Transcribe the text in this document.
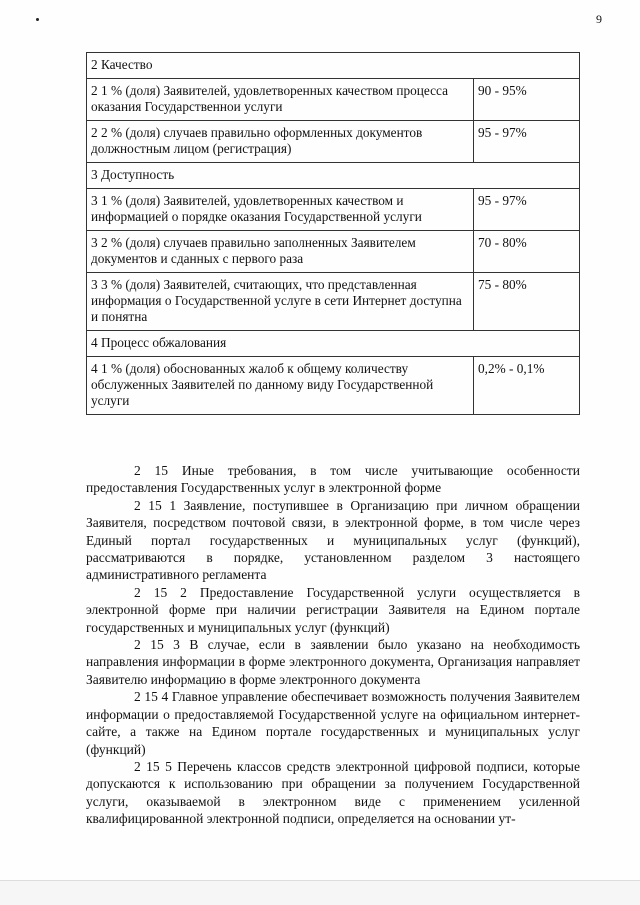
9
2 Качество	
2 1 % (доля) Заявителей, удовлетворенных качеством процесса оказания Государственнои услуги	90 - 95%
2 2 % (доля) случаев правильно оформленных документов должностным лицом (регистрация)	95 - 97%
3 Доступность	
3 1 % (доля) Заявителей, удовлетворенных качеством и информацией о порядке оказания Государственной услуги	95 - 97%
3 2 % (доля) случаев правильно заполненных Заявителем документов и сданных с первого раза	70 - 80%
3 3 % (доля) Заявителей, считающих, что представленная информация о Государственной услуге в сети Интернет доступна и понятна	75 - 80%
4 Процесс обжалования	
4 1 % (доля) обоснованных жалоб к общему количеству обслуженных Заявителей по данному виду Государственной услуги	0,2% - 0,1%

2 15 Иные требования, в том числе учитывающие особенности предоставления Государственных услуг в электронной форме

2 15 1 Заявление, поступившее в Организацию при личном обращении Заявителя, посредством почтовой связи, в электронной форме, в том числе через Единый портал государственных и муниципальных услуг (функций), рассматриваются в порядке, установленном разделом 3 настоящего административного регламента

2 15 2 Предоставление Государственной услуги осуществляется в электронной форме при наличии регистрации Заявителя на Едином портале государственных и муниципальных услуг (функций)

2 15 3 В случае, если в заявлении было указано на необходимость направления информации в форме электронного документа, Организация направляет Заявителю информацию в форме электронного документа

2 15 4 Главное управление обеспечивает возможность получения Заявителем информации о предоставляемой Государственной услуге на официальном интернет-сайте, а также на Едином портале государственных и муниципальных услуг (функций)

2 15 5 Перечень классов средств электронной цифровой подписи, которые допускаются к использованию при обращении за получением Государственной услуги, оказываемой в электронном виде с применением усиленной квалифицированной электронной подписи, определяется на основании ут-
